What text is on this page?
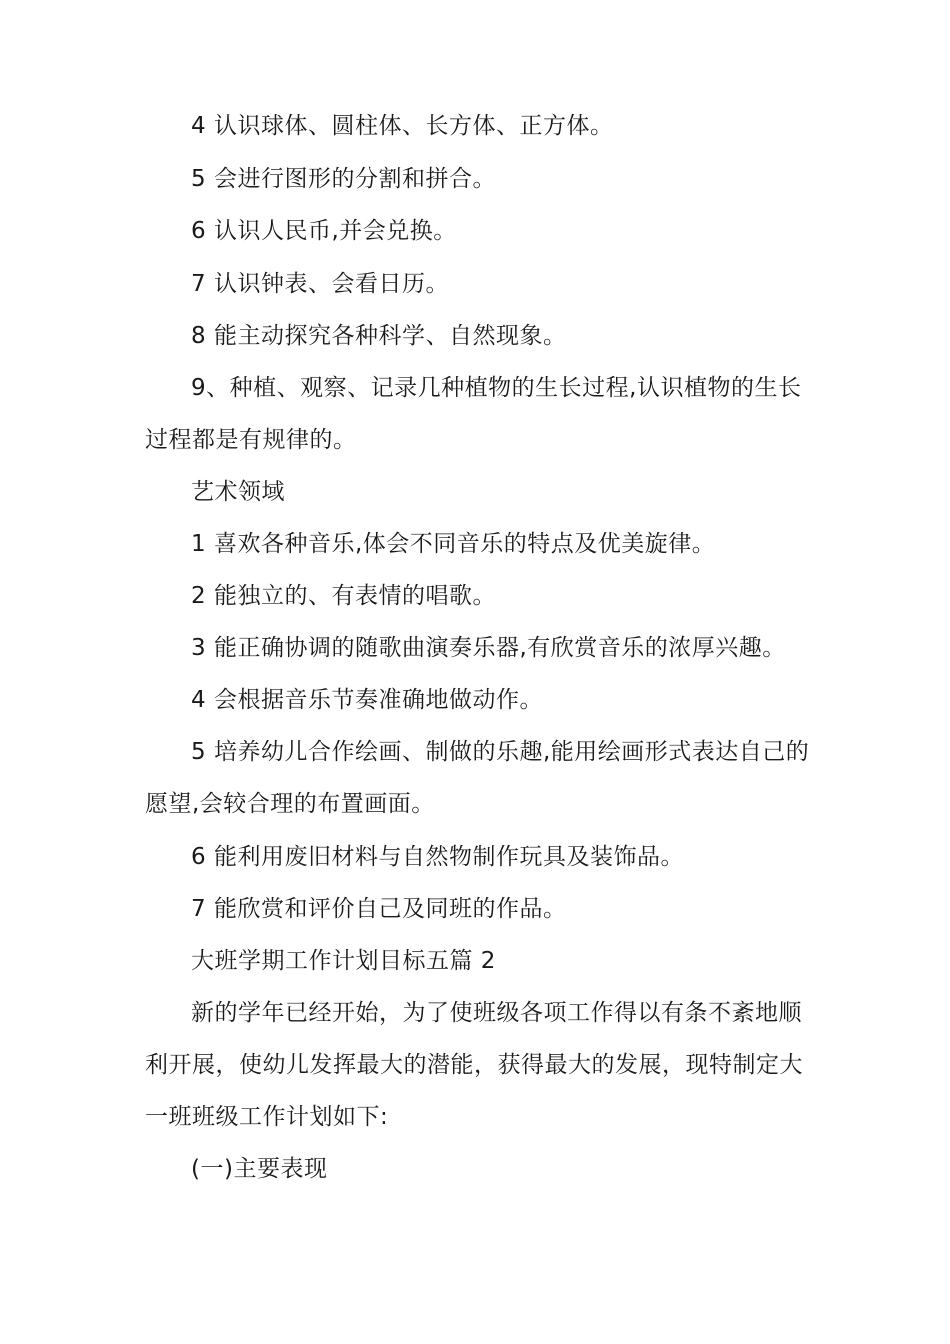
4 认识球体、圆柱体、长方体、正方体。

5 会进行图形的分割和拼合。

6 认识人民币,并会兑换。

7 认识钟表、会看日历。

8 能主动探究各种科学、自然现象。

9、种植、观察、记录几种植物的生长过程,认识植物的生长过程都是有规律的。

艺术领域

1 喜欢各种音乐,体会不同音乐的特点及优美旋律。

2 能独立的、有表情的唱歌。

3 能正确协调的随歌曲演奏乐器,有欣赏音乐的浓厚兴趣。

4 会根据音乐节奏准确地做动作。

5 培养幼儿合作绘画、制做的乐趣,能用绘画形式表达自己的愿望,会较合理的布置画面。

6 能利用废旧材料与自然物制作玩具及装饰品。

7 能欣赏和评价自己及同班的作品。

大班学期工作计划目标五篇 2

新的学年已经开始，为了使班级各项工作得以有条不紊地顺利开展，使幼儿发挥最大的潜能，获得最大的发展，现特制定大一班班级工作计划如下:

(一)主要表现
